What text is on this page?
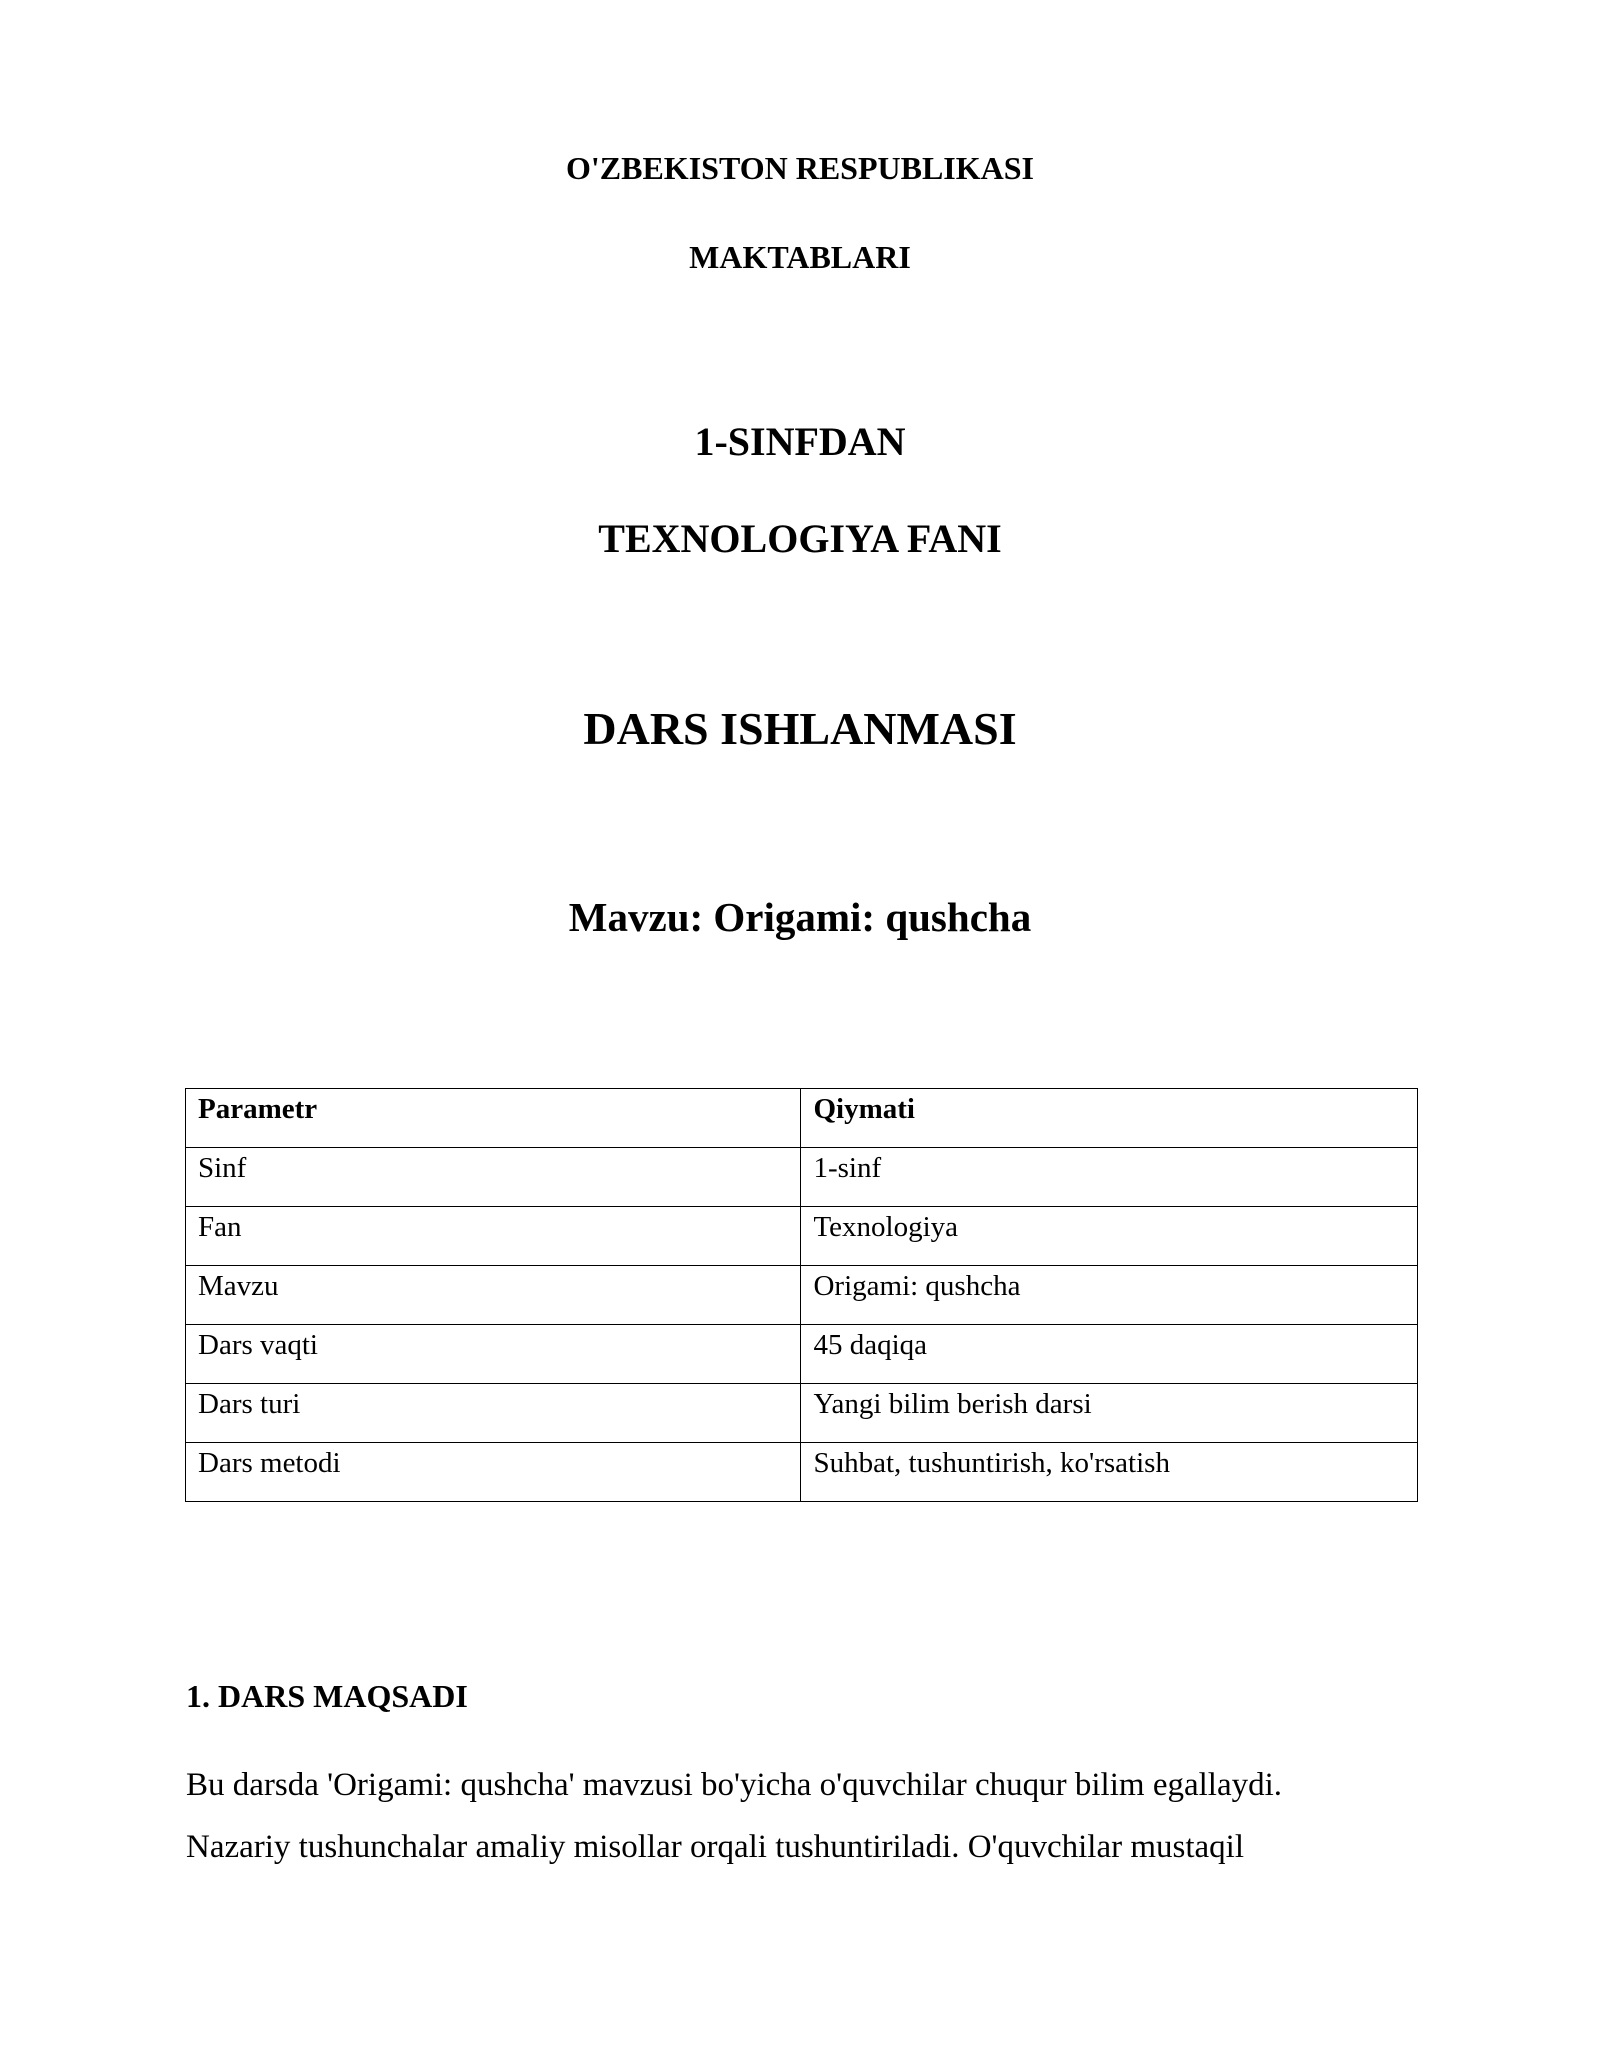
O'ZBEKISTON RESPUBLIKASI
MAKTABLARI
1-SINFDAN
TEXNOLOGIYA FANI
DARS ISHLANMASI
Mavzu: Origami: qushcha
Parametr	Qiymati
Sinf	1-sinf
Fan	Texnologiya
Mavzu	Origami: qushcha
Dars vaqti	45 daqiqa
Dars turi	Yangi bilim berish darsi
Dars metodi	Suhbat, tushuntirish, ko'rsatish
1. DARS MAQSADI
Bu darsda 'Origami: qushcha' mavzusi bo'yicha o'quvchilar chuqur bilim egallaydi.
Nazariy tushunchalar amaliy misollar orqali tushuntiriladi. O'quvchilar mustaqil
